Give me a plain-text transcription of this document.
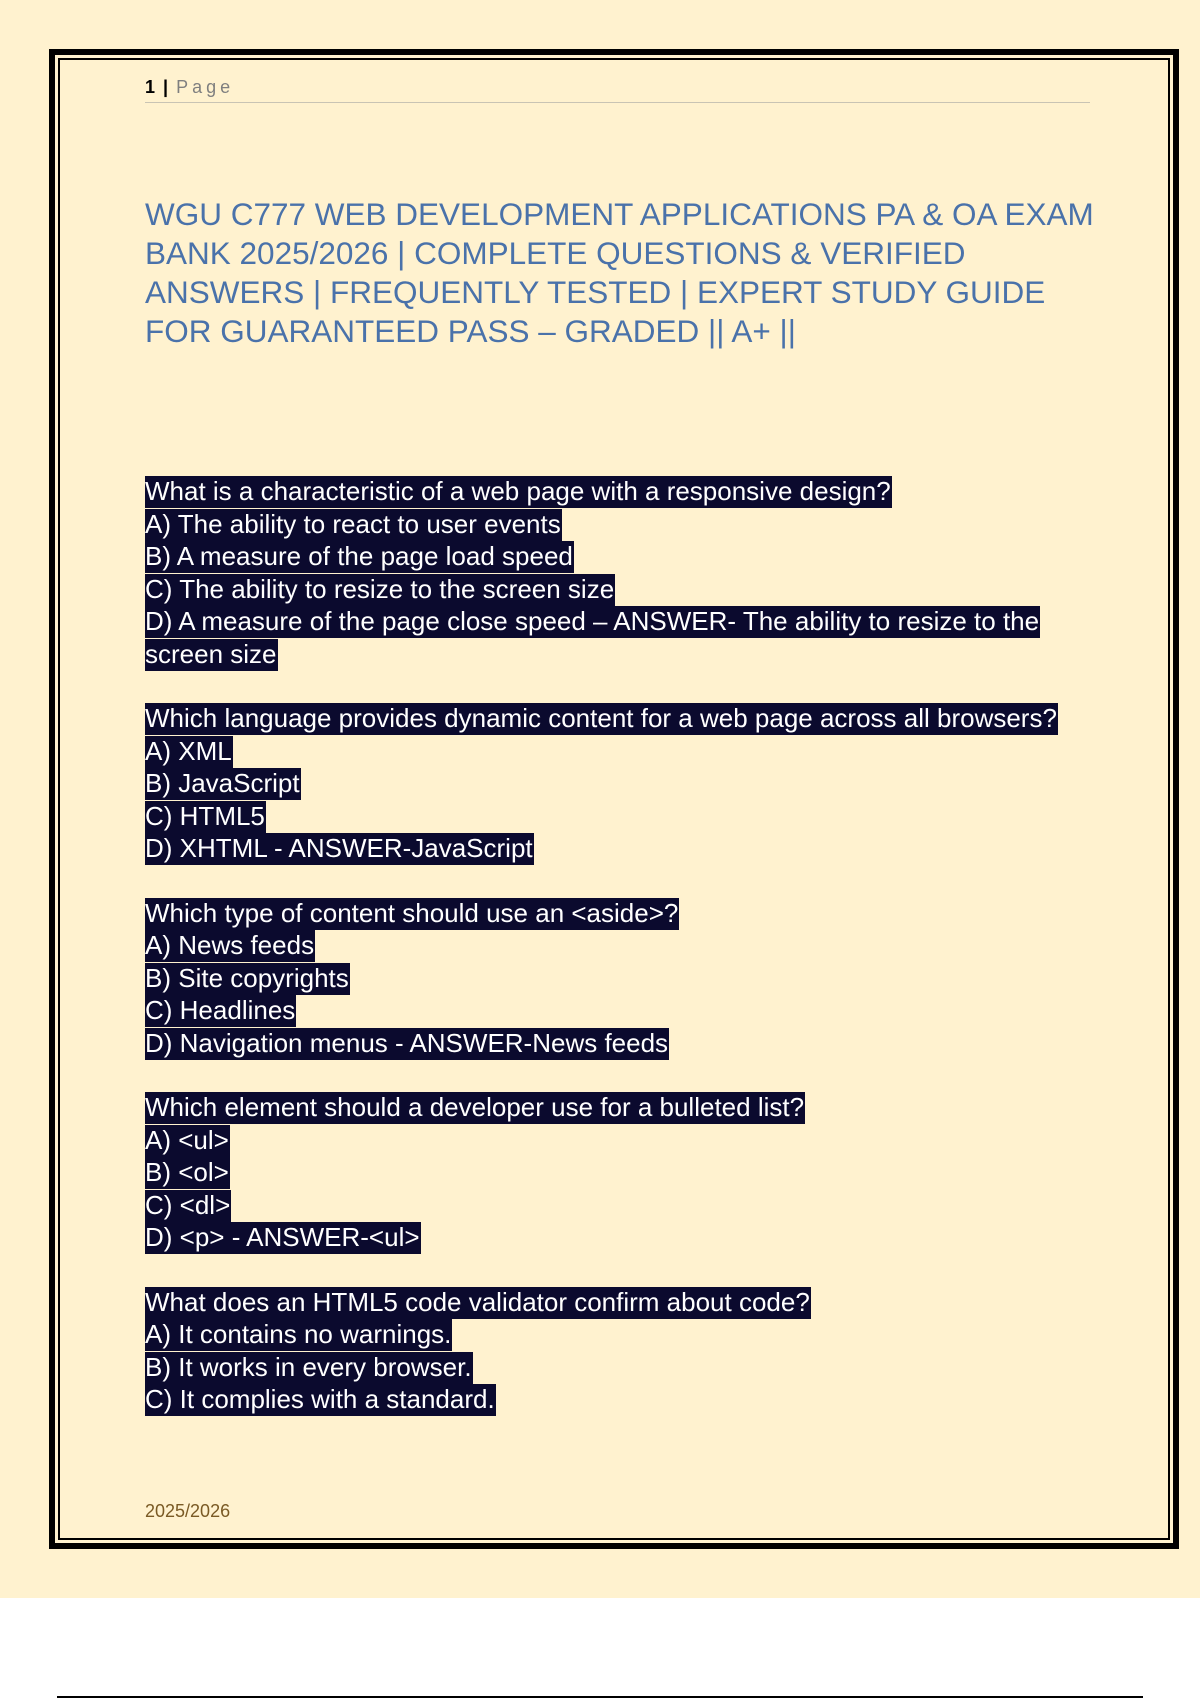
1 | Page
WGU C777 WEB DEVELOPMENT APPLICATIONS PA & OA EXAM BANK 2025/2026 | COMPLETE QUESTIONS & VERIFIED ANSWERS | FREQUENTLY TESTED | EXPERT STUDY GUIDE FOR GUARANTEED PASS – GRADED || A+ ||
What is a characteristic of a web page with a responsive design?
A) The ability to react to user events
B) A measure of the page load speed
C) The ability to resize to the screen size
D) A measure of the page close speed – ANSWER- The ability to resize to the screen size
Which language provides dynamic content for a web page across all browsers?
A) XML
B) JavaScript
C) HTML5
D) XHTML - ANSWER-JavaScript
Which type of content should use an <aside>?
A) News feeds
B) Site copyrights
C) Headlines
D) Navigation menus - ANSWER-News feeds
Which element should a developer use for a bulleted list?
A) <ul>
B) <ol>
C) <dl>
D) <p> - ANSWER-<ul>
What does an HTML5 code validator confirm about code?
A) It contains no warnings.
B) It works in every browser.
C) It complies with a standard.
2025/2026
